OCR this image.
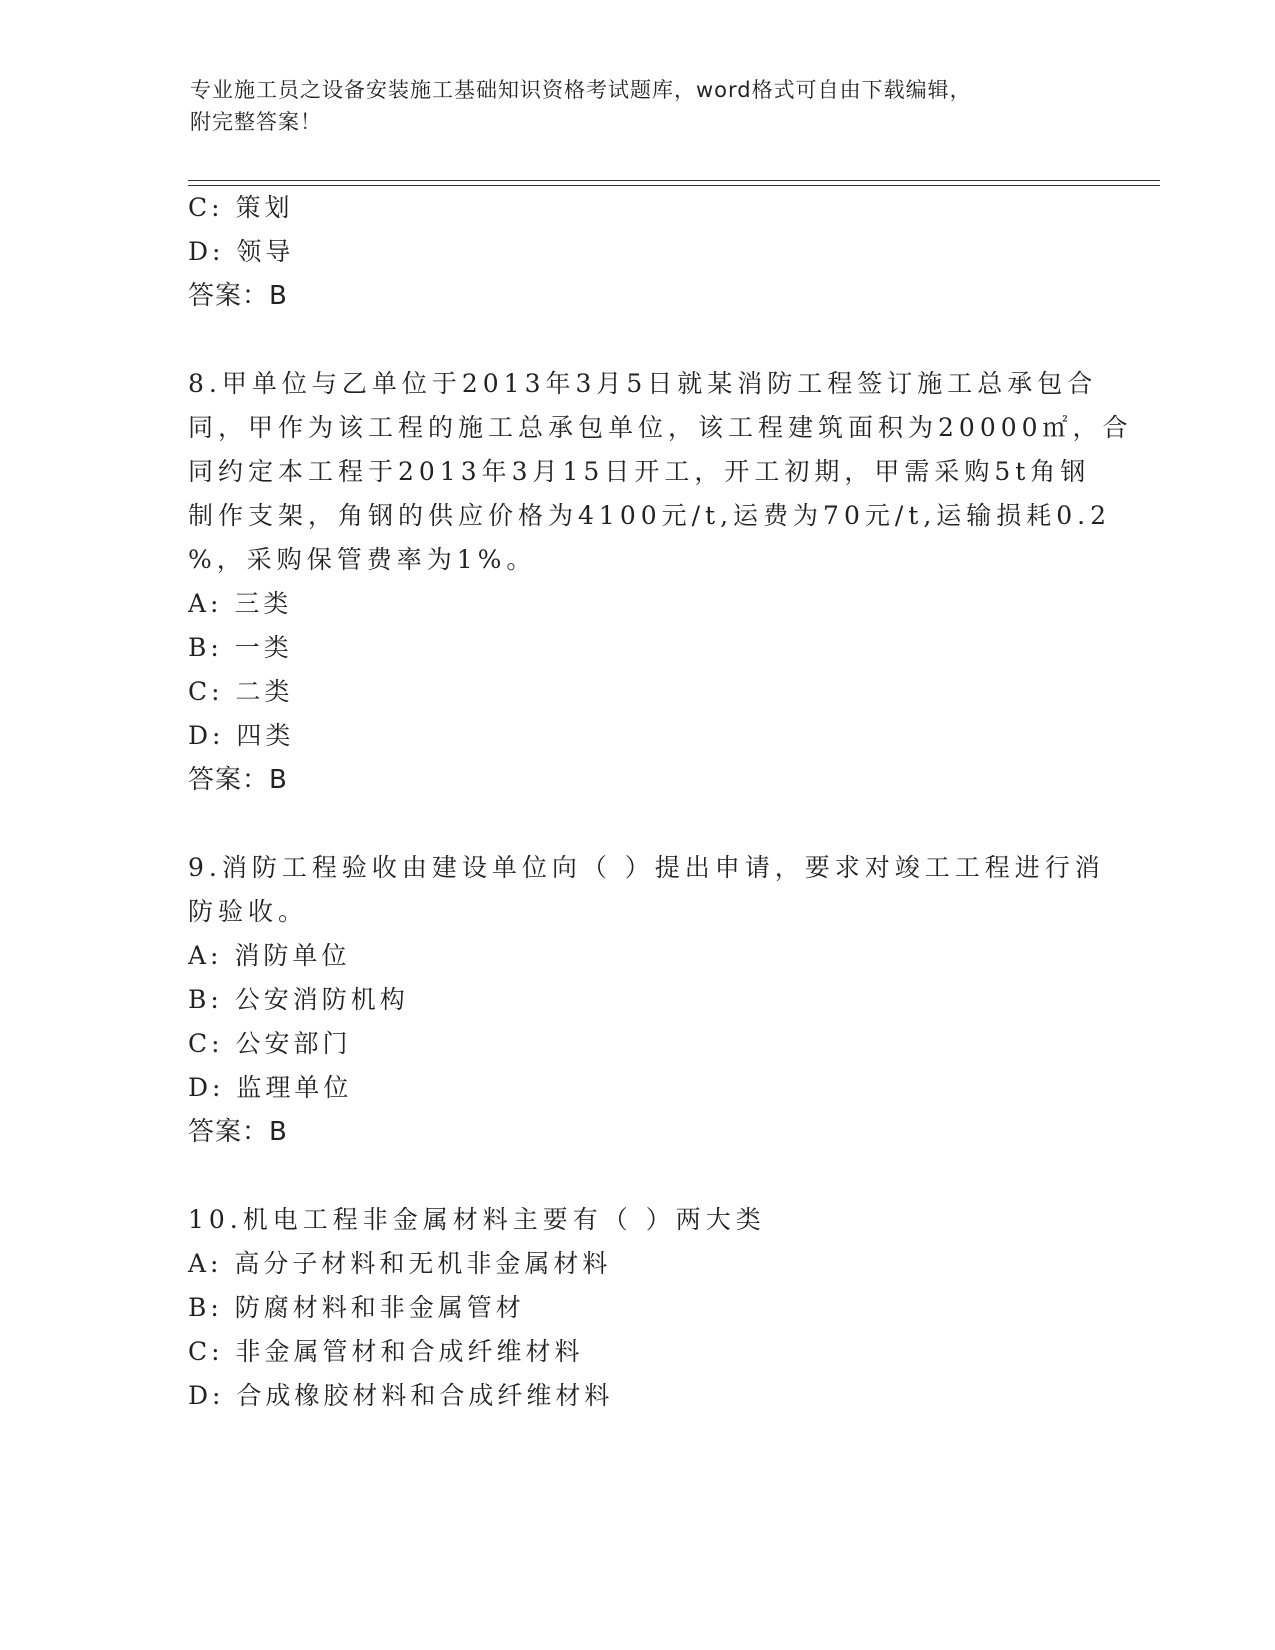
专业施工员之设备安装施工基础知识资格考试题库，word格式可自由下载编辑，
附完整答案！
C: 策划
D: 领导
答案：B
8.甲单位与乙单位于2013年3月5日就某消防工程签订施工总承包合
同，甲作为该工程的施工总承包单位，该工程建筑面积为20000㎡，合
同约定本工程于2013年3月15日开工，开工初期，甲需采购5t角钢
制作支架，角钢的供应价格为4100元/t,运费为70元/t,运输损耗0.2
%，采购保管费率为1%。
A: 三类
B: 一类
C: 二类
D: 四类
答案：B
9.消防工程验收由建设单位向（ ）提出申请，要求对竣工工程进行消
防验收。
A: 消防单位
B: 公安消防机构
C: 公安部门
D: 监理单位
答案：B
10.机电工程非金属材料主要有（ ）两大类
A: 高分子材料和无机非金属材料
B: 防腐材料和非金属管材
C: 非金属管材和合成纤维材料
D: 合成橡胶材料和合成纤维材料
